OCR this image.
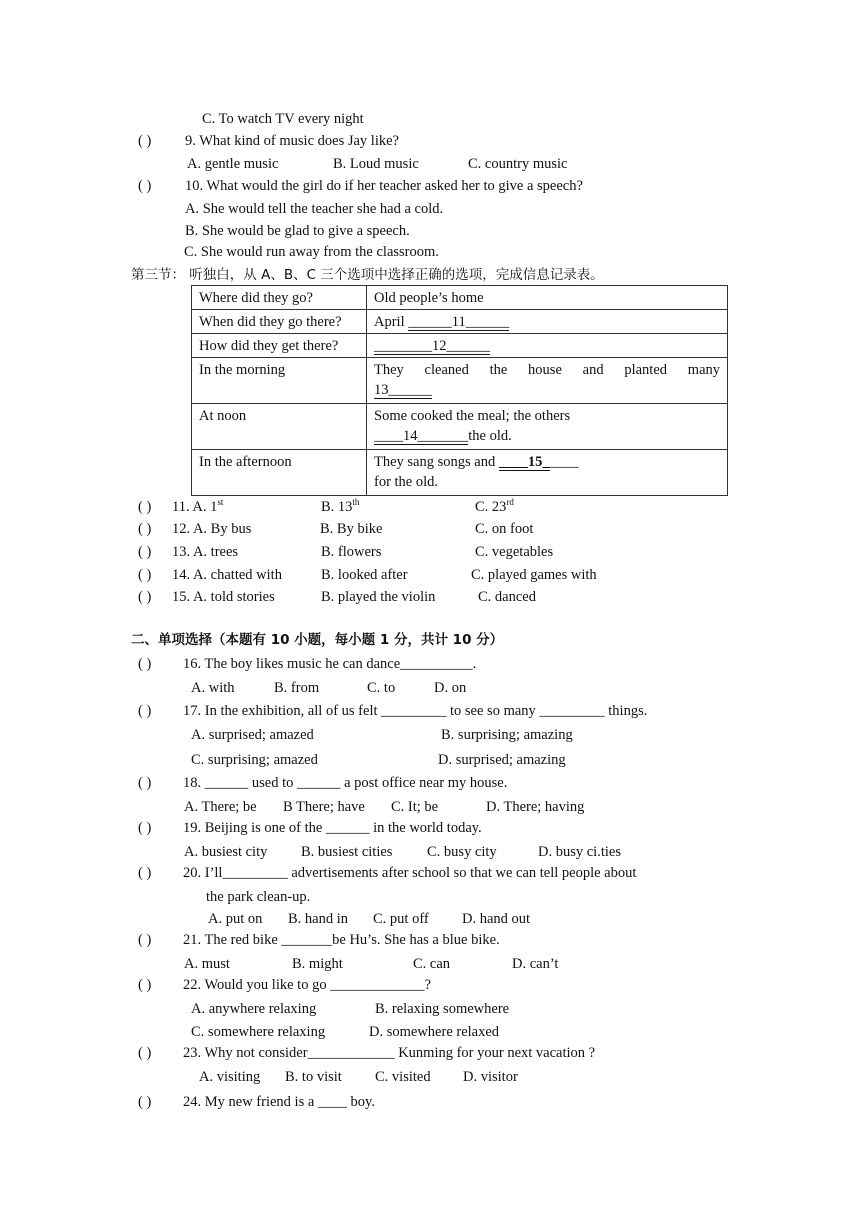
C. To watch TV every night
( ) 9. What kind of music does Jay like?
A. gentle music	B. Loud music	C. country music
( ) 10. What would the girl do if her teacher asked her to give a speech?
A. She would tell the teacher she had a cold.
B. She would be glad to give a speech.
C. She would run away from the classroom.
第三节： 听独白，从 A、B、C 三个选项中选择正确的选项，完成信息记录表。
Where did they go?	Old people’s home
When did they go there?	April ______11______
How did they get there?	________12______
In the morning	They cleaned the house and planted many
13______
At noon	Some cooked the meal; the others
____14_______the old.
In the afternoon	They sang songs and ____15_____
for the old.
( ) 11. A. 1st	B. 13th	C. 23rd
( ) 12. A. By bus	B. By bike	C. on foot
( ) 13. A. trees	B. flowers	C. vegetables
( ) 14. A. chatted with	B. looked after	C. played games with
( ) 15. A. told stories	B. played the violin	C. danced
二、单项选择（本题有 10 小题，每小题 1 分，共计 10 分）
( ) 16. The boy likes music he can dance__________.
A. with	B. from	C. to	D. on
( ) 17. In the exhibition, all of us felt _________ to see so many _________ things.
A. surprised; amazed	B. surprising; amazing
C. surprising; amazed	D. surprised; amazing
( ) 18. ______ used to ______ a post office near my house.
A. There; be B There; have C. It; be	D. There; having
( ) 19. Beijing is one of the ______ in the world today.
A. busiest city B. busiest cities C. busy city	D. busy ci.ties
( ) 20. I’ll_________ advertisements after school so that we can tell people about
the park clean-up.
A. put on B. hand in C. put off D. hand out
( ) 21. The red bike _______be Hu’s. She has a blue bike.
A. must	B. might	C. can	D. can’t
( ) 22. Would you like to go _____________?
A. anywhere relaxing	B. relaxing somewhere
C. somewhere relaxing	D. somewhere relaxed
( ) 23. Why not consider____________ Kunming for your next vacation ?
A. visiting B. to visit C. visited D. visitor
( ) 24. My new friend is a ____ boy.
